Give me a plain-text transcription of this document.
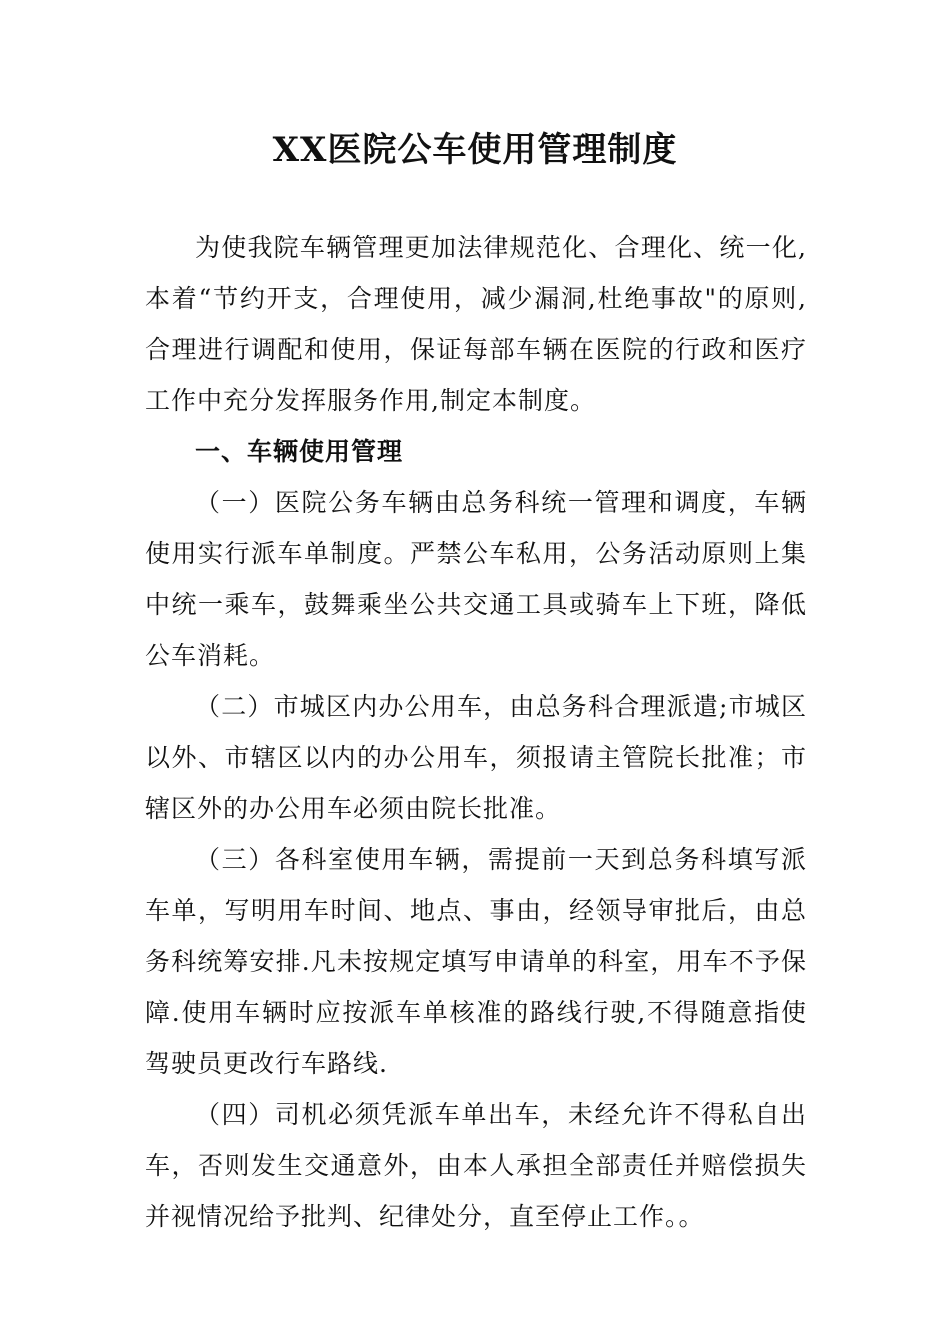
XX医院公车使用管理制度

为使我院车辆管理更加法律规范化、合理化、统一化,本着“节约开支，合理使用，减少漏洞,杜绝事故"的原则,合理进行调配和使用，保证每部车辆在医院的行政和医疗工作中充分发挥服务作用,制定本制度。

一、车辆使用管理

（一）医院公务车辆由总务科统一管理和调度，车辆使用实行派车单制度。严禁公车私用，公务活动原则上集中统一乘车，鼓舞乘坐公共交通工具或骑车上下班，降低公车消耗。

（二）市城区内办公用车，由总务科合理派遣;市城区以外、市辖区以内的办公用车，须报请主管院长批准；市辖区外的办公用车必须由院长批准。

（三）各科室使用车辆，需提前一天到总务科填写派车单，写明用车时间、地点、事由，经领导审批后，由总务科统筹安排.凡未按规定填写申请单的科室，用车不予保障.使用车辆时应按派车单核准的路线行驶,不得随意指使驾驶员更改行车路线.

（四）司机必须凭派车单出车，未经允许不得私自出车，否则发生交通意外，由本人承担全部责任并赔偿损失并视情况给予批判、纪律处分，直至停止工作。。
